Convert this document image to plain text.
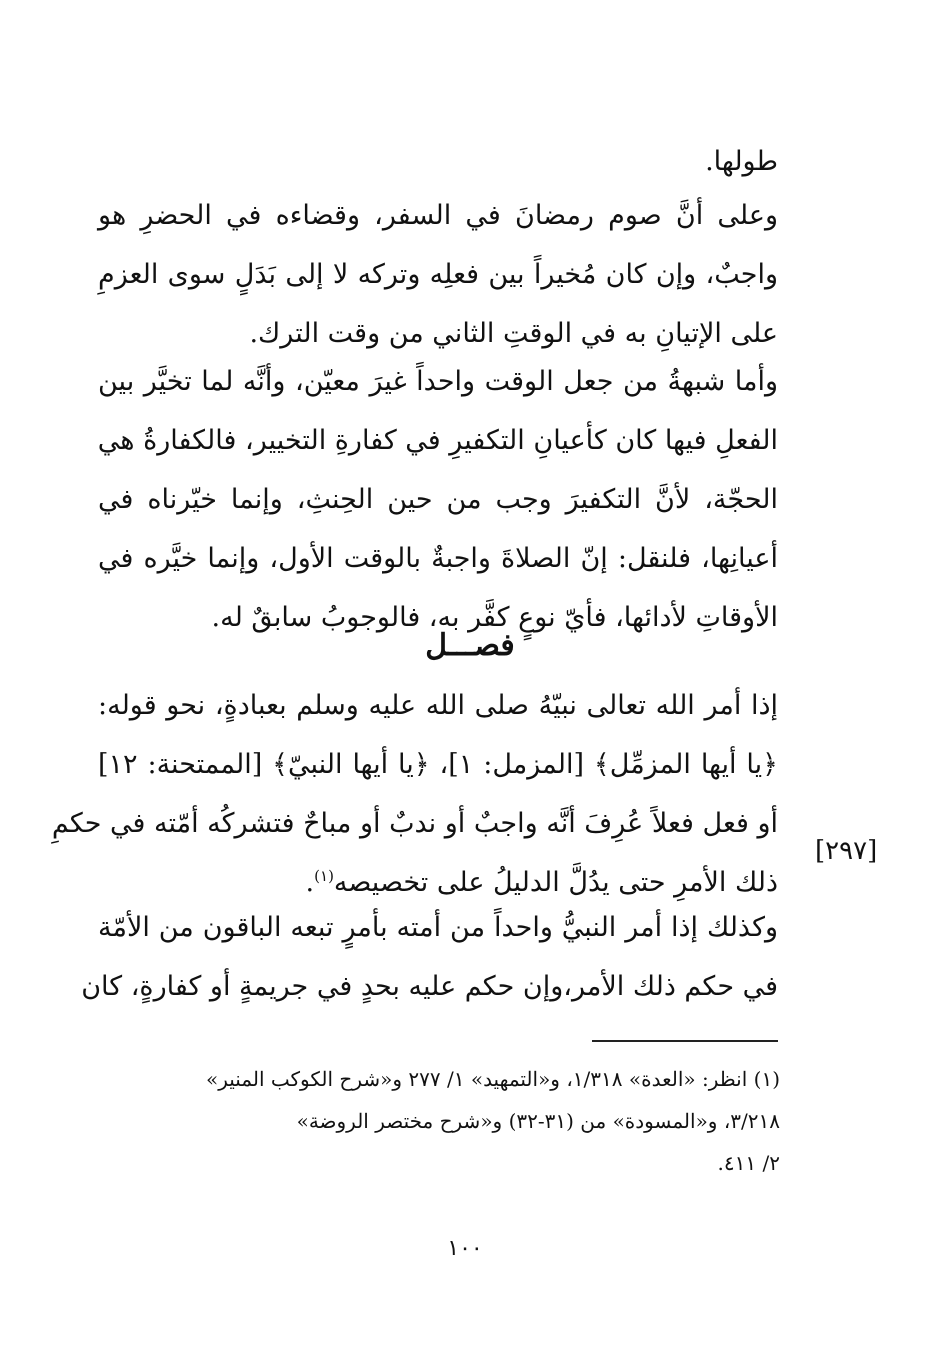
طولها.
وعلى أنَّ صوم رمضانَ في السفر، وقضاءه في الحضرِ هو
واجبٌ، وإن كان مُخيراً بين فعلِه وتركه لا إلى بَدَلٍ سوى العزمِ
على الإتيانِ به في الوقتِ الثاني من وقت الترك.
وأما شبهةُ من جعل الوقت واحداً غيرَ معيّن، وأنَّه لما تخيَّر بين
الفعلِ فيها كان كأعيانِ التكفيرِ في كفارةِ التخيير، فالكفارةُ هي
الحجّة، لأنَّ التكفيرَ وجب من حين الحِنثِ، وإنما خيّرناه في
أعيانِها، فلنقل: إنّ الصلاةَ واجبةٌ بالوقت الأول، وإنما خيَّره في
الأوقاتِ لأدائها، فأيّ نوعٍ كفَّر به، فالوجوبُ سابقٌ له.
فصـــل
إذا أمر الله تعالى نبيّهُ صلى الله عليه وسلم بعبادةٍ، نحو قوله:
﴿يا أيها المزمِّل﴾ [المزمل: ١]، ﴿يا أيها النبيّ﴾ [الممتحنة: ١٢]
أو فعل فعلاً عُرِفَ أنَّه واجبٌ أو ندبٌ أو مباحٌ فتشركُه أمّته في حكمِ
ذلك الأمرِ حتى يدُلَّ الدليلُ على تخصيصه$^{(١)}$.
[٢٩٧]
وكذلك إذا أمر النبيُّ واحداً من أمته بأمرٍ تبعه الباقون من الأمّة
في حكم ذلك الأمر،وإن حكم عليه بحدٍ في جريمةٍ أو كفارةٍ، كان
(١) انظر: «العدة» ١/٣١٨، و«التمهيد» ١/ ٢٧٧ و«شرح الكوكب المنير»
٣/٢١٨، و«المسودة» من (٣١-٣٢) و«شرح مختصر الروضة»
٢/ ٤١١.
١٠٠
